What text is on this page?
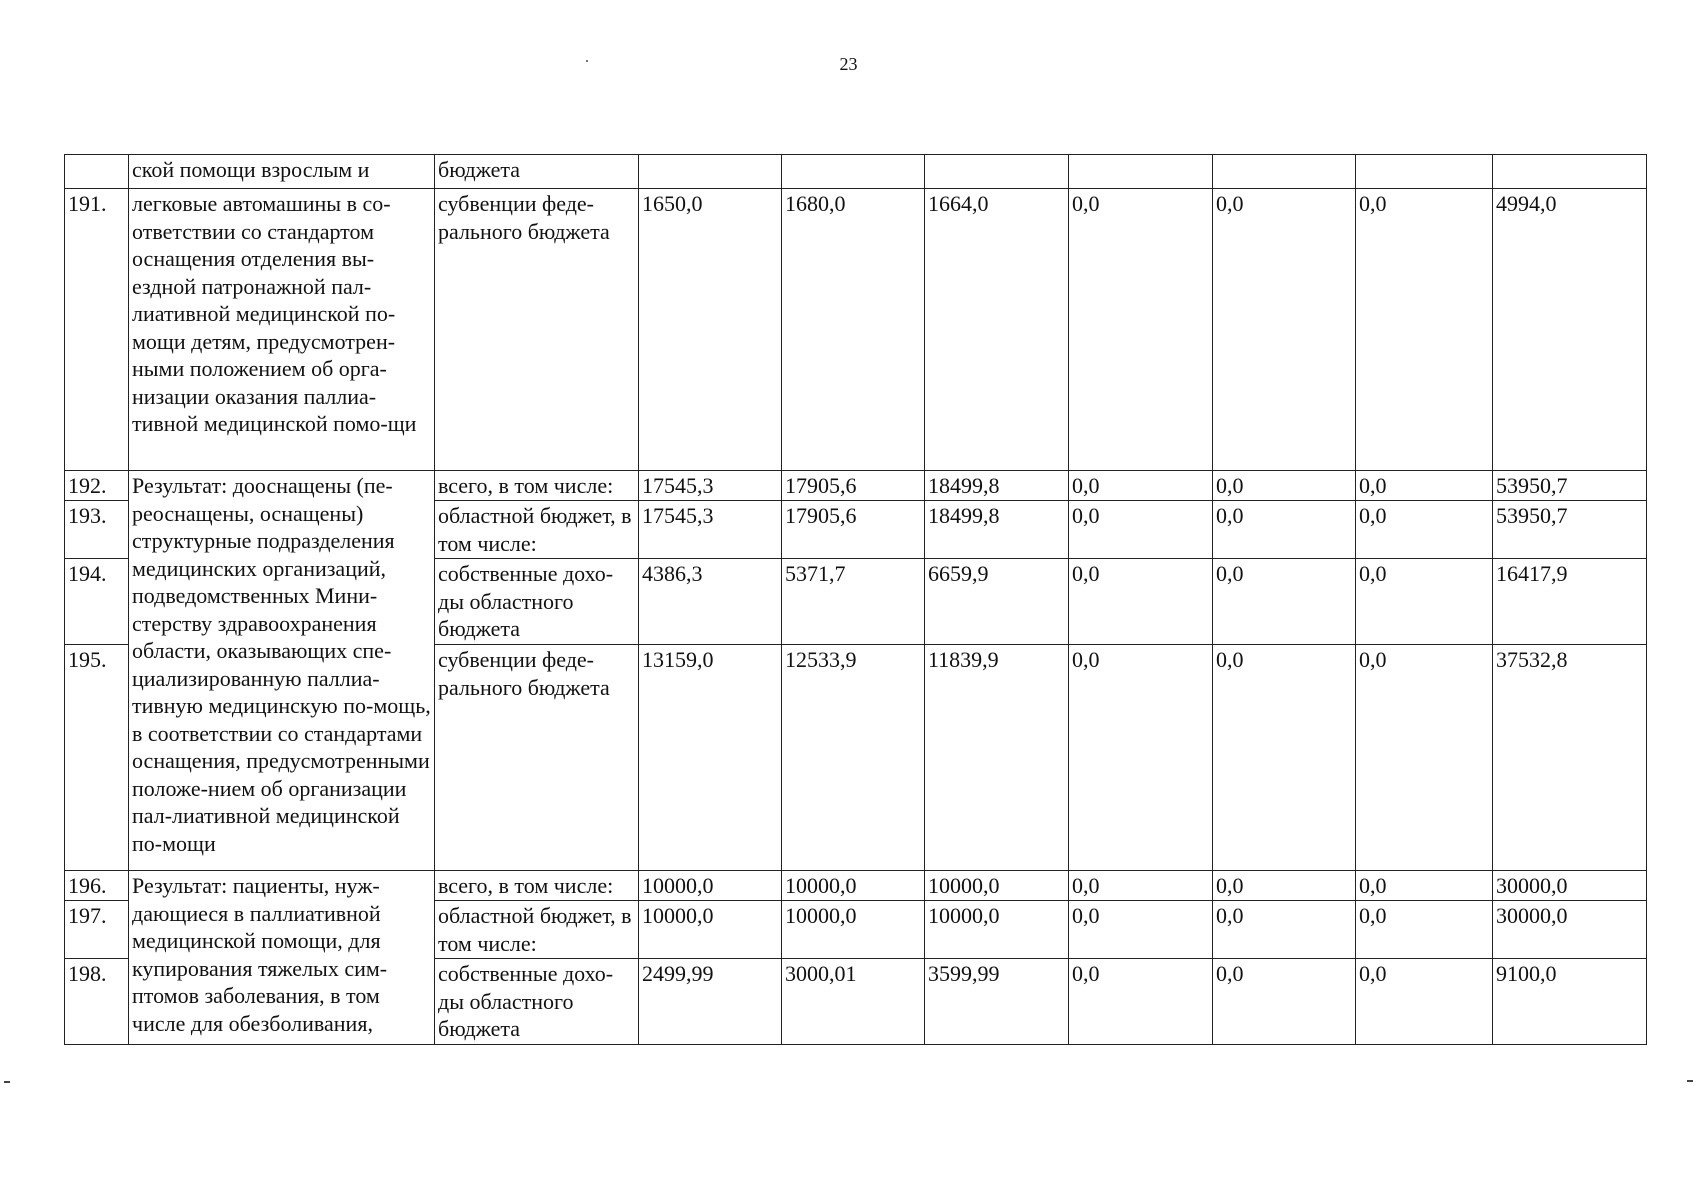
23
	ской помощи взрослым и	бюджета							
191.	легковые автомашины в со-ответствии со стандартом оснащения отделения вы-ездной патронажной пал-лиативной медицинской по-мощи детям, предусмотрен-ными положением об орга-низации оказания паллиа-тивной медицинской помо-щи	субвенции феде-ральнoго бюджета	1650,0	1680,0	1664,0	0,0	0,0	0,0	4994,0
192.	Результат: дооснащены (пе-реоснащены, оснащены) структурные подразделения медицинских организаций, подведомственных Мини-стерству здравоохранения области, оказывающих спе-циализированную паллиа-тивную медицинскую по-мощь, в соответствии со стандартами оснащения, предусмотренными положе-нием об организации пал-лиативной медицинской по-мощи	всего, в том числе:	17545,3	17905,6	18499,8	0,0	0,0	0,0	53950,7
193.		областной бюджет, в том числе:	17545,3	17905,6	18499,8	0,0	0,0	0,0	53950,7
194.		собственные дохо-ды областного бюджета	4386,3	5371,7	6659,9	0,0	0,0	0,0	16417,9
195.		субвенции феде-ральнoго бюджета	13159,0	12533,9	11839,9	0,0	0,0	0,0	37532,8
196.	Результат: пациенты, нуж-дающиеся в паллиативной медицинской помощи, для купирования тяжелых сим-птомов заболевания, в том числе для обезболивания,	всего, в том числе:	10000,0	10000,0	10000,0	0,0	0,0	0,0	30000,0
197.		областной бюджет, в том числе:	10000,0	10000,0	10000,0	0,0	0,0	0,0	30000,0
198.		собственные дохо-ды областного бюджета	2499,99	3000,01	3599,99	0,0	0,0	0,0	9100,0
